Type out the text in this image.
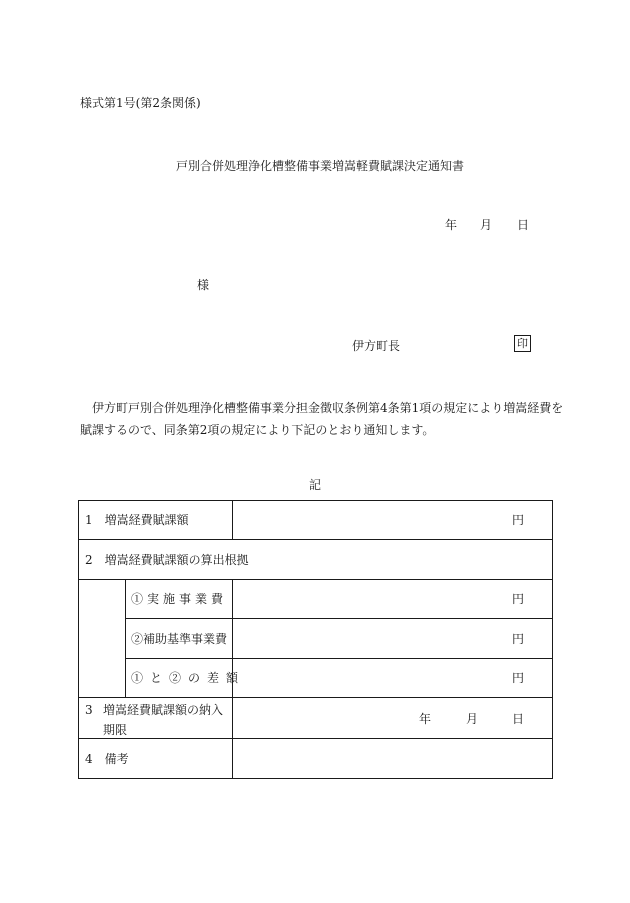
様式第1号(第2条関係)
戸別合併処理浄化槽整備事業増嵩軽費賦課決定通知書
年 月 日
様
伊方町長	印
伊方町戸別合併処理浄化槽整備事業分担金徴収条例第4条第1項の規定により増嵩経費を
賦課するので、同条第2項の規定により下記のとおり通知します。
記
1　増嵩経費賦課額	円
2　増嵩経費賦課額の算出根拠
①実施事業費	円
②補助基準事業費	円
①と②の差額	円
3 増嵩経費賦課額の納入
期限
年	月	日
4　備考
